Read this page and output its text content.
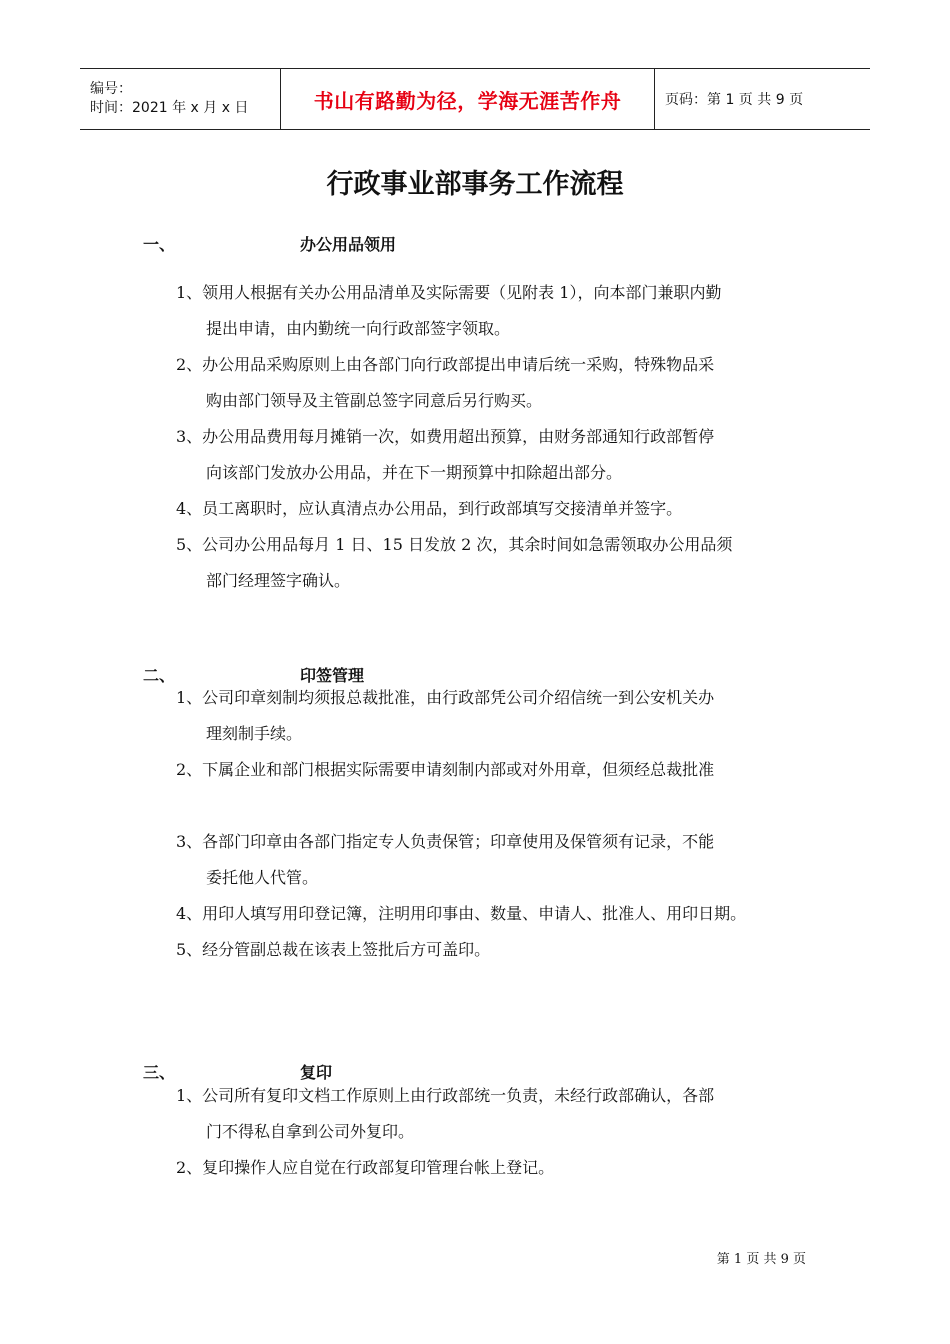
编号：
时间：2021 年 x 月 x 日	书山有路勤为径，学海无涯苦作舟	页码：第 1 页 共 9 页
行政事业部事务工作流程
一、	办公用品领用
1、领用人根据有关办公用品清单及实际需要（见附表 1），向本部门兼职内勤
提出申请，由内勤统一向行政部签字领取。
2、办公用品采购原则上由各部门向行政部提出申请后统一采购，特殊物品采
购由部门领导及主管副总签字同意后另行购买。
3、办公用品费用每月摊销一次，如费用超出预算，由财务部通知行政部暂停
向该部门发放办公用品，并在下一期预算中扣除超出部分。
4、员工离职时，应认真清点办公用品，到行政部填写交接清单并签字。
5、公司办公用品每月 1 日、15 日发放 2 次，其余时间如急需领取办公用品须
部门经理签字确认。
二、	印签管理
1、公司印章刻制均须报总裁批准，由行政部凭公司介绍信统一到公安机关办
理刻制手续。
2、下属企业和部门根据实际需要申请刻制内部或对外用章，但须经总裁批准
3、各部门印章由各部门指定专人负责保管；印章使用及保管须有记录，不能
委托他人代管。
4、用印人填写用印登记簿，注明用印事由、数量、申请人、批准人、用印日期。
5、经分管副总裁在该表上签批后方可盖印。
三、	复印
1、公司所有复印文档工作原则上由行政部统一负责，未经行政部确认，各部
门不得私自拿到公司外复印。
2、复印操作人应自觉在行政部复印管理台帐上登记。
第 1 页 共 9 页
